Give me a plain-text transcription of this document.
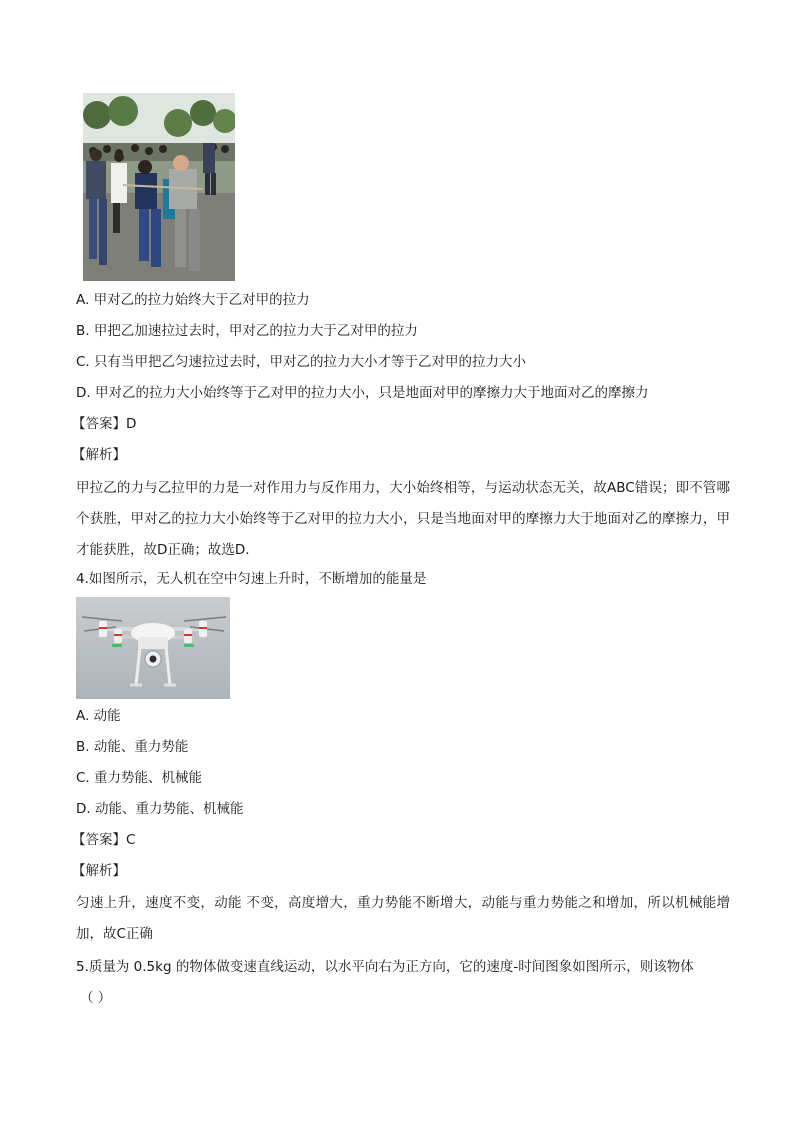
A. 甲对乙的拉力始终大于乙对甲的拉力
B. 甲把乙加速拉过去时，甲对乙的拉力大于乙对甲的拉力
C. 只有当甲把乙匀速拉过去时，甲对乙的拉力大小才等于乙对甲的拉力大小
D. 甲对乙的拉力大小始终等于乙对甲的拉力大小，只是地面对甲的摩擦力大于地面对乙的摩擦力
【答案】D
【解析】
甲拉乙的力与乙拉甲的力是一对作用力与反作用力，大小始终相等，与运动状态无关，故ABC错误；即不管哪个获胜，甲对乙的拉力大小始终等于乙对甲的拉力大小，只是当地面对甲的摩擦力大于地面对乙的摩擦力，甲才能获胜，故D正确；故选D.
4.如图所示，无人机在空中匀速上升时，不断增加的能量是
A. 动能
B. 动能、重力势能
C. 重力势能、机械能
D. 动能、重力势能、机械能
【答案】C
【解析】
匀速上升，速度不变，动能 不变，高度增大，重力势能不断增大，动能与重力势能之和增加，所以机械能增加，故C正确
5.质量为 0.5kg 的物体做变速直线运动，以水平向右为正方向，它的速度-时间图象如图所示，则该物体
（ ）
